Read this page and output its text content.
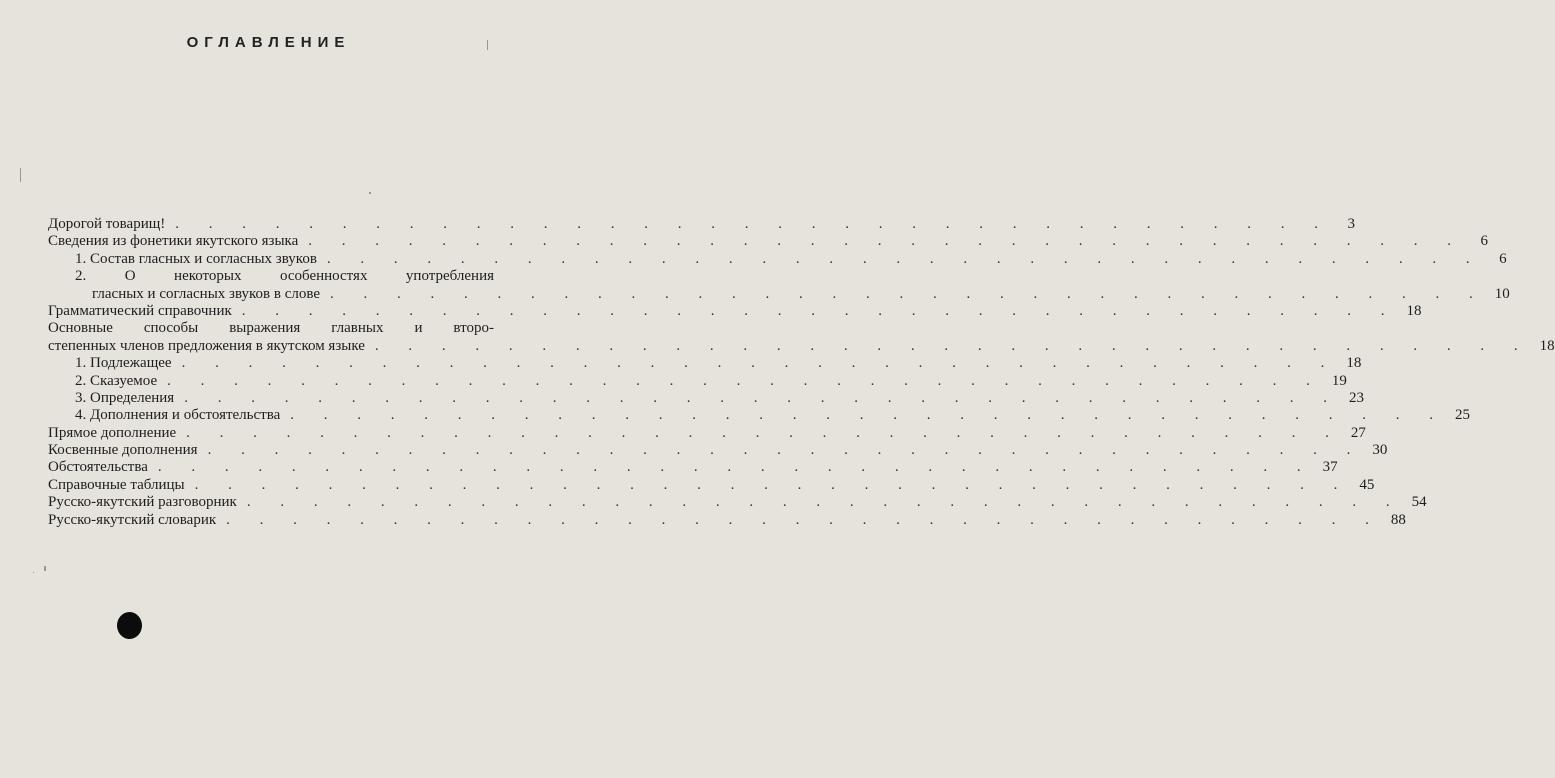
ОГЛАВЛЕНИЕ
Дорогой товарищ! . . . . . . . . . . . . . . . . . . . . . . . . . . . . . . . . . . .	3
Сведения из фонетики якутского языка . . . . . . . . . . . . . . . . . . . . . . . . . . . . . . . . . . .	6
1. Состав гласных и согласных звуков . . . . . . . . . . . . . . . . . . . . . . . . . . . . . . . . . . .	6
2. О некоторых особенностях употребления
гласных и согласных звуков в слове . . . . . . . . . . . . . . . . . . . . . . . . . . . . . . . . . . . 10
Грамматический справочник . . . . . . . . . . . . . . . . . . . . . . . . . . . . . . . . . . . 18
Основные способы выражения главных и второ-
степенных членов предложения в якутском языке . . . . . . . . . . . . . . . . . . . . . . . . . . . . . . . . . . . 18
1. Подлежащее . . . . . . . . . . . . . . . . . . . . . . . . . . . . . . . . . . . 18
2. Сказуемое . . . . . . . . . . . . . . . . . . . . . . . . . . . . . . . . . . . 19
3. Определения . . . . . . . . . . . . . . . . . . . . . . . . . . . . . . . . . . . 23
4. Дополнения и обстоятельства . . . . . . . . . . . . . . . . . . . . . . . . . . . . . . . . . . . 25
Прямое дополнение . . . . . . . . . . . . . . . . . . . . . . . . . . . . . . . . . . . 27
Косвенные дополнения . . . . . . . . . . . . . . . . . . . . . . . . . . . . . . . . . . . 30
Обстоятельства . . . . . . . . . . . . . . . . . . . . . . . . . . . . . . . . . . . 37
Справочные таблицы . . . . . . . . . . . . . . . . . . . . . . . . . . . . . . . . . . . 45
Русско-якутский разговорник . . . . . . . . . . . . . . . . . . . . . . . . . . . . . . . . . . . 54
Русско-якутский словарик . . . . . . . . . . . . . . . . . . . . . . . . . . . . . . . . . . . 88
